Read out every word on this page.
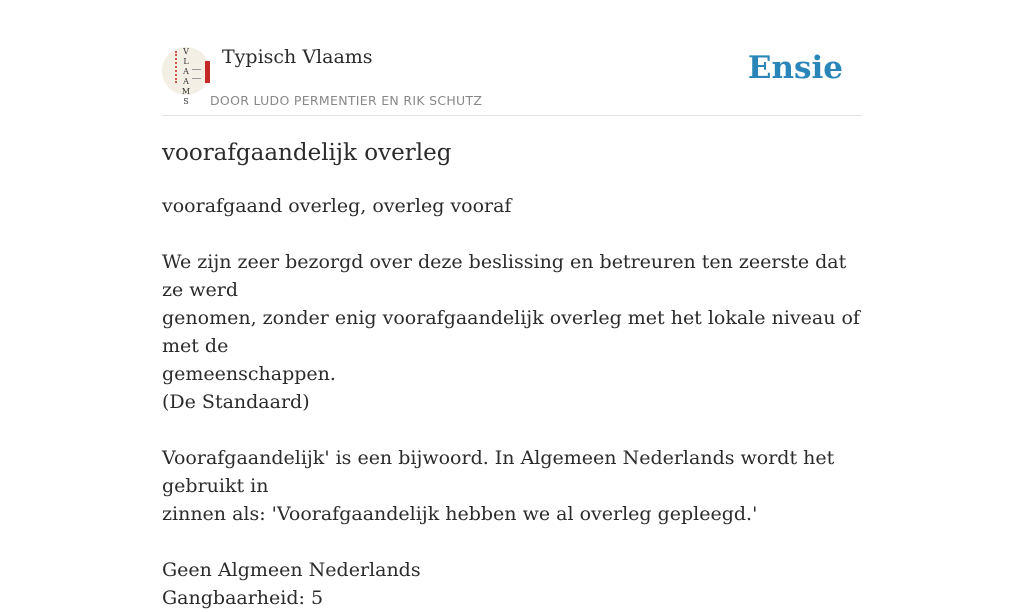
V
L
A
A
M
S
Typisch Vlaams
DOOR LUDO PERMENTIER EN RIK SCHUTZ
Ensie
voorafgaandelijk overleg

voorafgaand overleg, overleg vooraf

We zijn zeer bezorgd over deze beslissing en betreuren ten zeerste dat ze werd

genomen, zonder enig voorafgaandelijk overleg met het lokale niveau of met de

gemeenschappen.

(De Standaard)

Voorafgaandelijk' is een bijwoord. In Algemeen Nederlands wordt het gebruikt in

zinnen als: 'Voorafgaandelijk hebben we al overleg gepleegd.'

Geen Algmeen Nederlands

Gangbaarheid: 5
